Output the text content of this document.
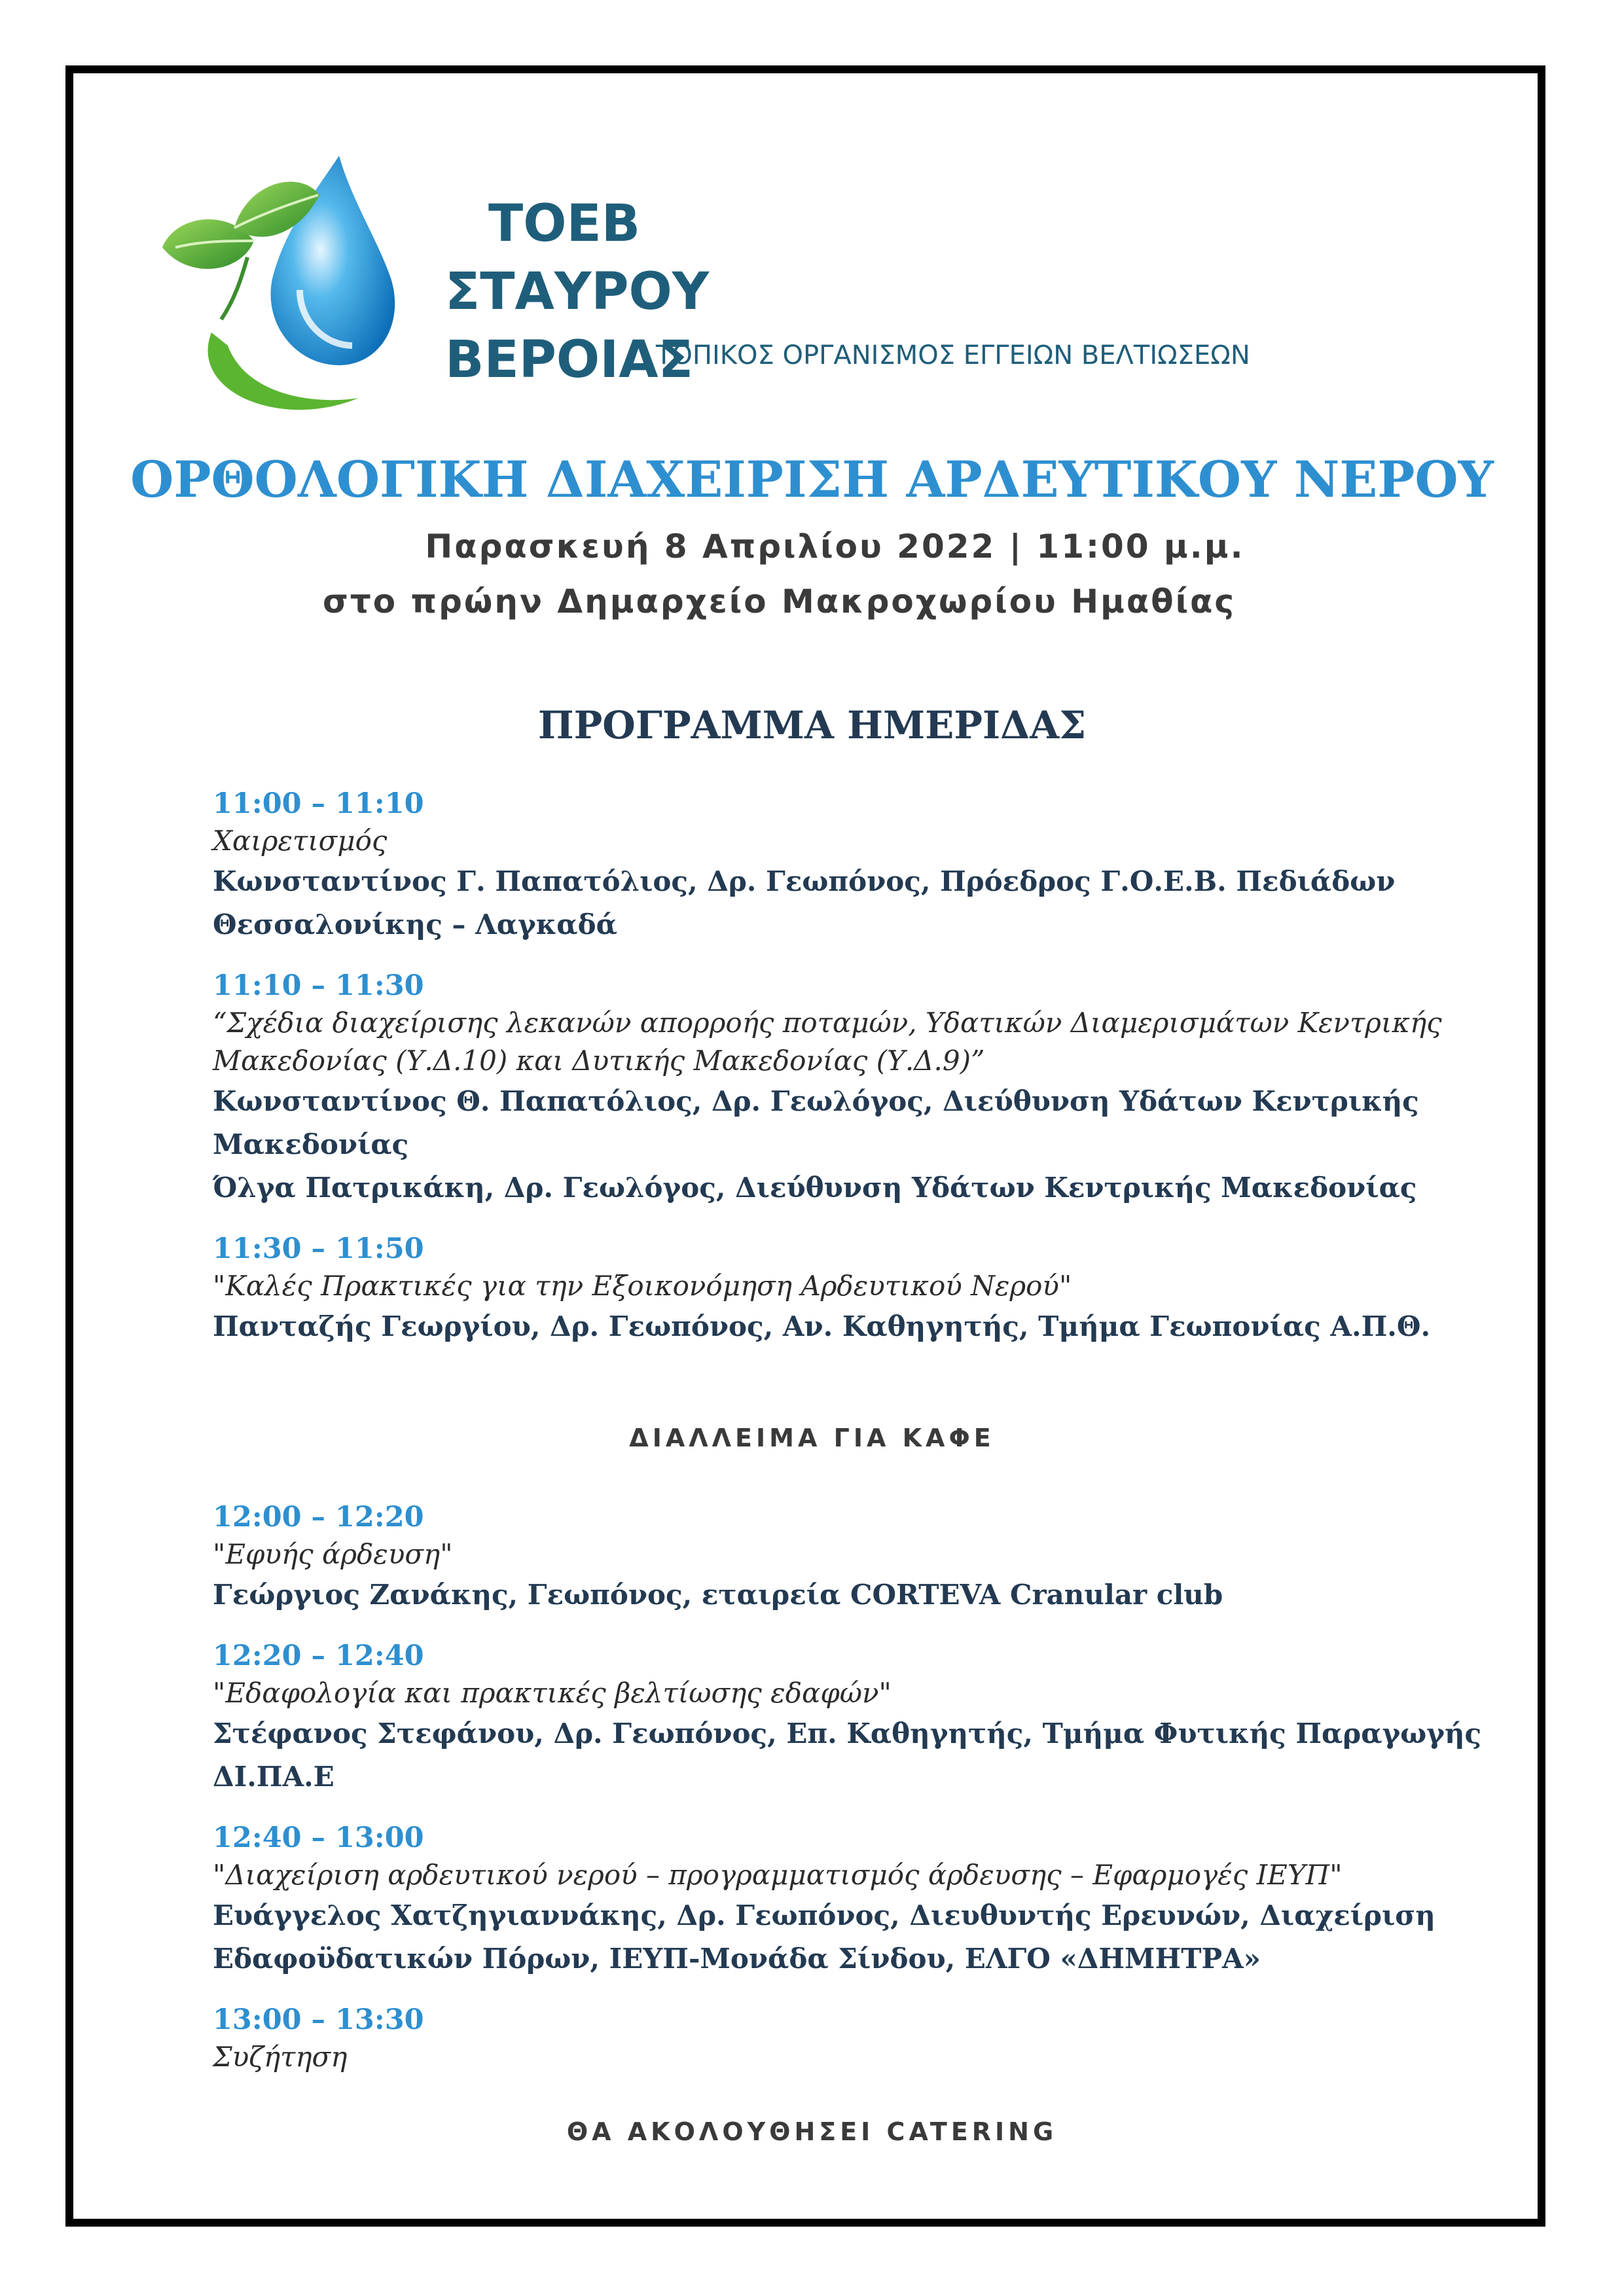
ΤΟΕΒ
ΣΤΑΥΡΟΥ
ΒΕΡΟΙΑΣ
ΤΟΠΙΚΟΣ ΟΡΓΑΝΙΣΜΟΣ ΕΓΓΕΙΩΝ ΒΕΛΤΙΩΣΕΩΝ
ΟΡΘΟΛΟΓΙΚΗ ΔΙΑΧΕΙΡΙΣΗ ΑΡΔΕΥΤΙΚΟΥ ΝΕΡΟΥ
Παρασκευή 8 Απριλίου 2022 | 11:00 μ.μ.
στο πρώην Δημαρχείο Μακροχωρίου Ημαθίας
ΠΡΟΓΡΑΜΜΑ ΗΜΕΡΙΔΑΣ
11:00 – 11:10
Χαιρετισμός
Κωνσταντίνος Γ. Παπατόλιος, Δρ. Γεωπόνος, Πρόεδρος Γ.Ο.Ε.Β. Πεδιάδων Θεσσαλονίκης – Λαγκαδά
11:10 – 11:30
“Σχέδια διαχείρισης λεκανών απορροής ποταμών, Υδατικών Διαμερισμάτων Κεντρικής Μακεδονίας (Υ.Δ.10) και Δυτικής Μακεδονίας (Υ.Δ.9)”
Κωνσταντίνος Θ. Παπατόλιος, Δρ. Γεωλόγος, Διεύθυνση Υδάτων Κεντρικής Μακεδονίας
Όλγα Πατρικάκη, Δρ. Γεωλόγος, Διεύθυνση Υδάτων Κεντρικής Μακεδονίας
11:30 – 11:50
"Καλές Πρακτικές για την Εξοικονόμηση Αρδευτικού Νερού"
Πανταζής Γεωργίου, Δρ. Γεωπόνος, Αν. Καθηγητής, Τμήμα Γεωπονίας Α.Π.Θ.
ΔΙΑΛΛΕΙΜΑ ΓΙΑ ΚΑΦΕ
12:00 – 12:20
"Εφυής άρδευση"
Γεώργιος Ζανάκης, Γεωπόνος, εταιρεία CORTEVA Cranular club
12:20 – 12:40
"Εδαφολογία και πρακτικές βελτίωσης εδαφών"
Στέφανος Στεφάνου, Δρ. Γεωπόνος, Επ. Καθηγητής, Τμήμα Φυτικής Παραγωγής ΔΙ.ΠΑ.Ε
12:40 – 13:00
"Διαχείριση αρδευτικού νερού – προγραμματισμός άρδευσης – Εφαρμογές ΙΕΥΠ"
Ευάγγελος Χατζηγιαννάκης, Δρ. Γεωπόνος, Διευθυντής Ερευνών, Διαχείριση Εδαφοϋδατικών Πόρων, ΙΕΥΠ-Μονάδα Σίνδου, ΕΛΓΟ «ΔΗΜΗΤΡΑ»
13:00 – 13:30
Συζήτηση
ΘΑ ΑΚΟΛΟΥΘΗΣΕΙ CATERING
